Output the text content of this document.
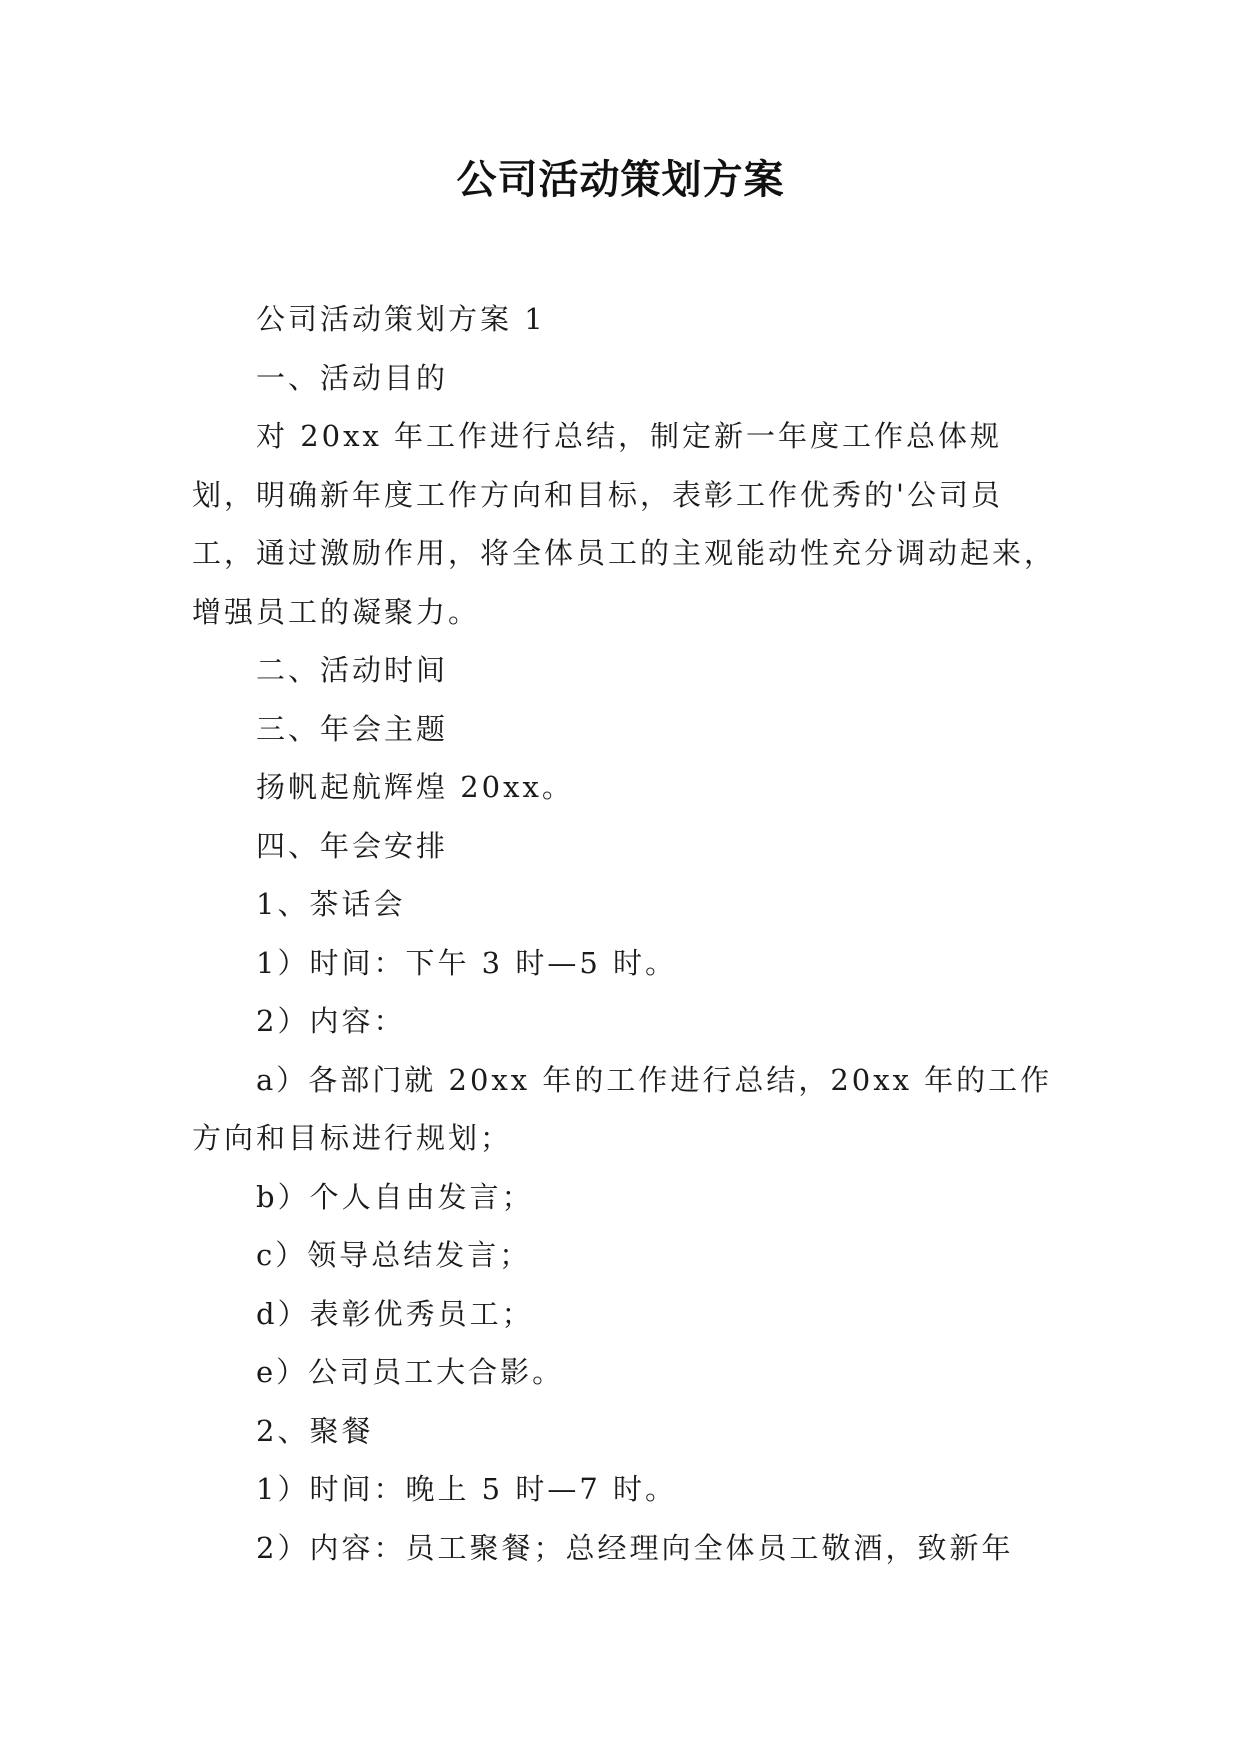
公司活动策划方案

公司活动策划方案 1

一、活动目的

对 20xx 年工作进行总结，制定新一年度工作总体规划，明确新年度工作方向和目标，表彰工作优秀的'公司员工，通过激励作用，将全体员工的主观能动性充分调动起来，增强员工的凝聚力。

二、活动时间

三、年会主题

扬帆起航辉煌 20xx。

四、年会安排

1、茶话会

1）时间：下午 3 时—5 时。

2）内容：

a）各部门就 20xx 年的工作进行总结，20xx 年的工作方向和目标进行规划；

b）个人自由发言；

c）领导总结发言；

d）表彰优秀员工；

e）公司员工大合影。

2、聚餐

1）时间：晚上 5 时—7 时。

2）内容：员工聚餐；总经理向全体员工敬酒，致新年
